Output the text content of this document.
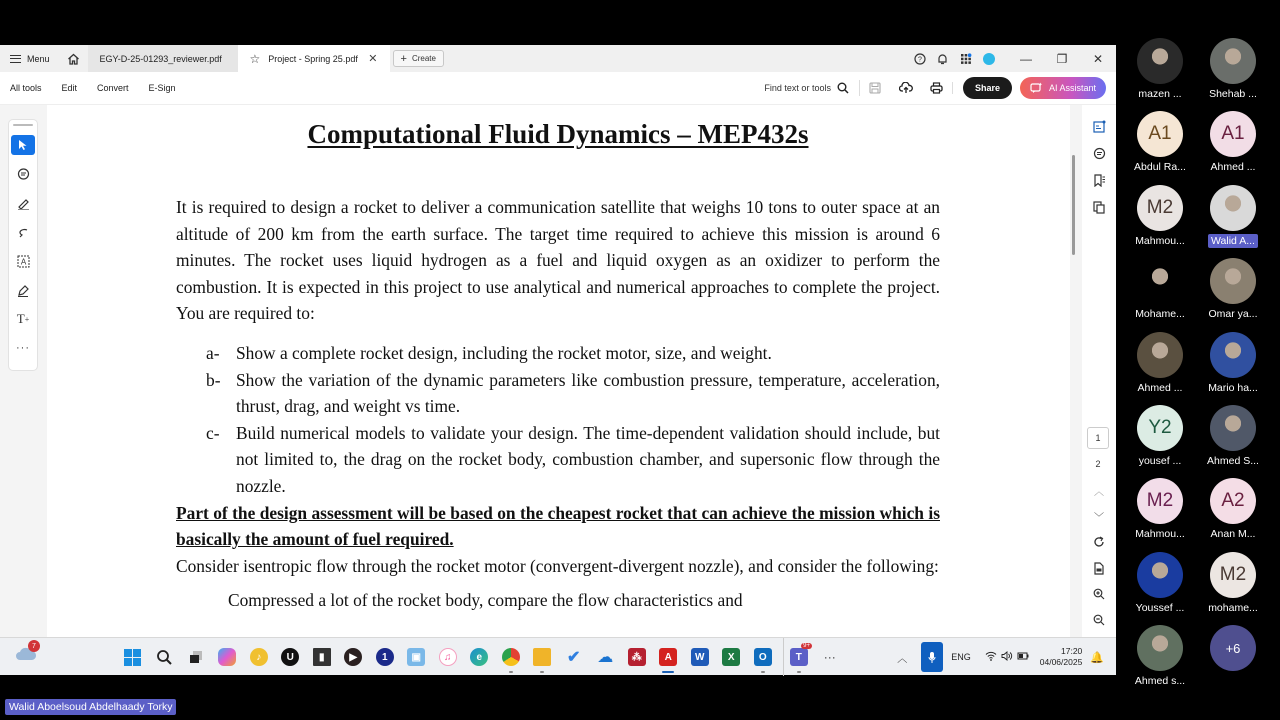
Menu	EGY-D-25-01293_reviewer.pdf ☆ Project - Spring 25.pdf ✕ + Create	?	—	❐	✕
All tools	Edit	Convert	E-Sign	Find text or tools	Share	AI Assistant
Computational Fluid Dynamics – MEP432s
It is required to design a rocket to deliver a communication satellite that weighs 10 tons to outer space at an altitude of 200 km from the earth surface. The target time required to achieve this mission is around 6 minutes. The rocket uses liquid hydrogen as a fuel and liquid oxygen as an oxidizer to perform the combustion. It is expected in this project to use analytical and numerical approaches to complete the project. You are required to:
a- Show a complete rocket design, including the rocket motor, size, and weight.
b- Show the variation of the dynamic parameters like combustion pressure, temperature, acceleration, thrust, drag, and weight vs time.
c- Build numerical models to validate your design. The time-dependent validation should include, but not limited to, the drag on the rocket body, combustion chamber, and supersonic flow through the nozzle.
Part of the design assessment will be based on the cheapest rocket that can achieve the mission which is basically the amount of fuel required.
Consider isentropic flow through the rocket motor (convergent-divergent nozzle), and consider the following:
Compressed a lot of the rocket body, compare the flow characteristics and
A
T +
···
1
2
︿
﹀
7
♪	U	▮	▶	1	▣	♫	e	✔ ☁	⁂	A	W	X	O	T
9+
···	︿	ENG
17:20
04/06/2025 🔔
mazen ...	Shehab ...
A1
Abdul Ra...
A1
Ahmed ...
M2
Mahmou...	Walid A...
Mohame...	Omar ya...
Ahmed ...	Mario ha...
Y2
yousef ...	Ahmed S...
M2
Mahmou...
A2
Anan M...
Youssef ...
M2
mohame...
Ahmed s...
+6
Walid Aboelsoud Abdelhaady Torky
